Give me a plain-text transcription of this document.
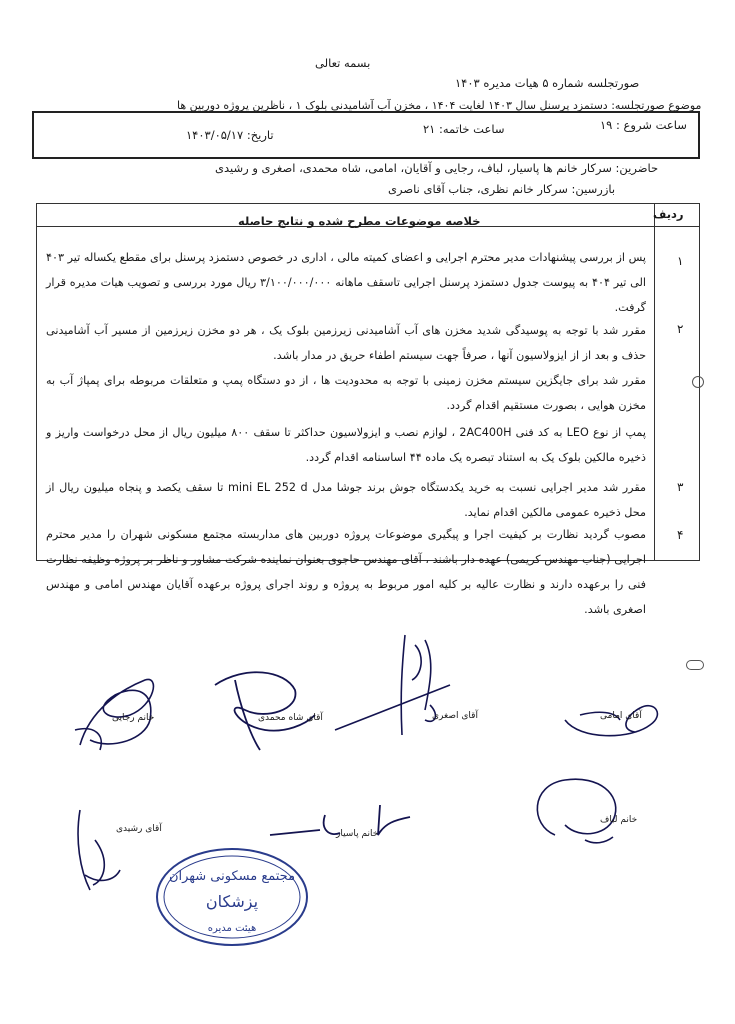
بسمه تعالی
صورتجلسه شماره ۵ هیات مدیره ۱۴۰۳
موضوع صورتجلسه: دستمزد پرسنل سال ۱۴۰۳ لغایت ۱۴۰۴ ، مخزن آب آشامیدنی بلوک ۱ ، ناظرین پروژه دوربین ها
ساعت شروع : ۱۹
ساعت خاتمه: ۲۱
تاریخ: ۱۴۰۳/۰۵/۱۷
حاضرین: سرکار خانم ها پاسیار، لباف، رجایی و آقایان، امامی، شاه محمدی، اصغری و رشیدی
بازرسین: سرکار خانم نظری، جناب آقای ناصری
ردیف
خلاصه موضوعات مطرح شده و نتایج حاصله
۱
پس از بررسی پیشنهادات مدیر محترم اجرایی و اعضای کمیته مالی ، اداری در خصوص دستمزد پرسنل برای مقطع یکساله تیر ۴۰۳ الی تیر ۴۰۴ به پیوست جدول دستمزد پرسنل اجرایی تاسقف ماهانه ۳/۱۰۰/۰۰۰/۰۰۰ ریال مورد بررسی و تصویب هیات مدیره قرار گرفت.
۲
مقرر شد با توجه به پوسیدگی شدید مخزن های آب آشامیدنی زیرزمین بلوک یک ، هر دو مخزن زیرزمین از مسیر آب آشامیدنی حذف و بعد از از ایزولاسیون آنها ، صرفاً جهت سیستم اطفاء حریق در مدار باشد.
مقرر شد برای جایگزین سیستم مخزن زمینی با توجه به محدودیت ها ، از دو دستگاه پمپ و متعلقات مربوطه برای پمپاژ آب به مخزن هوایی ، بصورت مستقیم اقدام گردد.
پمپ از نوع LEO به کد فنی 2AC400H ، لوازم نصب و ایزولاسیون حداکثر تا سقف ۸۰۰ میلیون ریال از محل درخواست واریز و ذخیره مالکین بلوک یک به استناد تبصره یک ماده ۴۴ اساسنامه اقدام گردد.
۳
مقرر شد مدیر اجرایی نسبت به خرید یکدستگاه جوش برند جوشا مدل mini EL 252 d تا سقف یکصد و پنجاه میلیون ریال از محل ذخیره عمومی مالکین اقدام نماید.
۴
مصوب گردید نظارت بر کیفیت اجرا و پیگیری موضوعات پروژه دوربین های مداربسته مجتمع مسکونی شهران را مدیر محترم اجرایی (جناب مهندس کریمی) عهده دار باشند ، آقای مهندس حاجوی بعنوان نماینده شرکت مشاور و ناظر بر پروژه وظیفه نظارت فنی را برعهده دارند و نظارت عالیه بر کلیه امور مربوط به پروژه و روند اجرای پروژه برعهده آقایان مهندس امامی و مهندس اصغری باشد.
خانم رجایی	آقای شاه محمدی	آقای اصغری	آقای امامی
آقای رشیدی	خانم پاسیار
خانم لباف
مجتمع مسکونی شهران
پزشکان
هیئت مدیره
